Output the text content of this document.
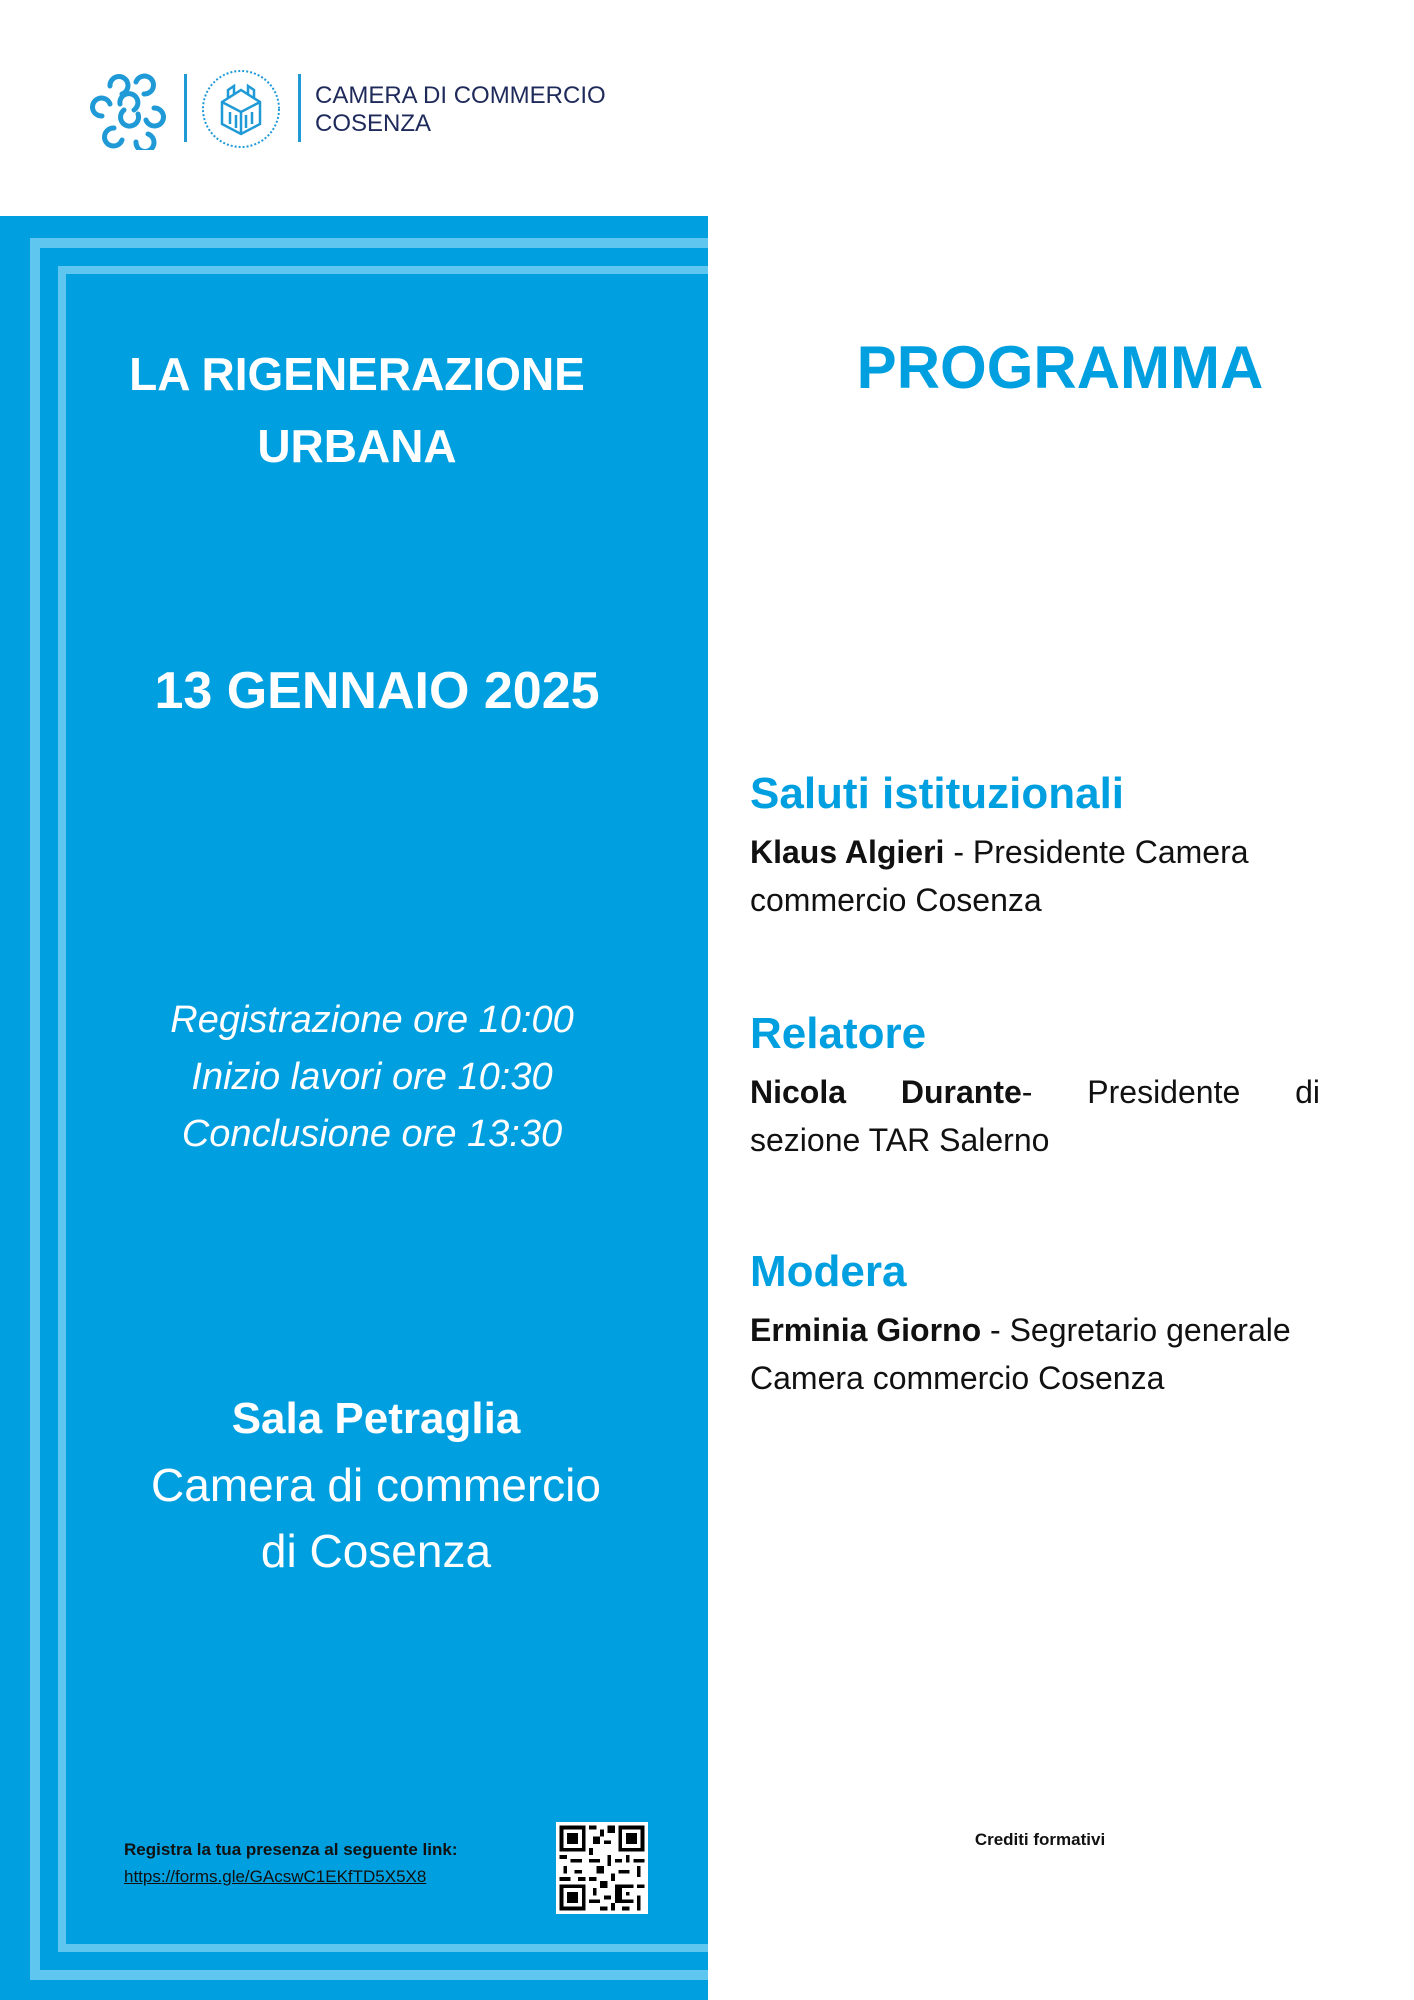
CAMERA DI COMMERCIO
COSENZA
LA RIGENERAZIONE
URBANA
13 GENNAIO 2025
Registrazione ore 10:00
Inizio lavori ore 10:30
Conclusione ore 13:30
Sala Petraglia
Camera di commercio
di Cosenza
Registra la tua presenza al seguente link:
https://forms.gle/GAcswC1EKfTD5X5X8
PROGRAMMA
Saluti istituzionali

Klaus Algieri - Presidente Camera commercio Cosenza

Relatore

Nicola Durante- Presidente di
sezione TAR Salerno

Modera

Erminia Giorno - Segretario generale Camera commercio Cosenza

Crediti formativi
